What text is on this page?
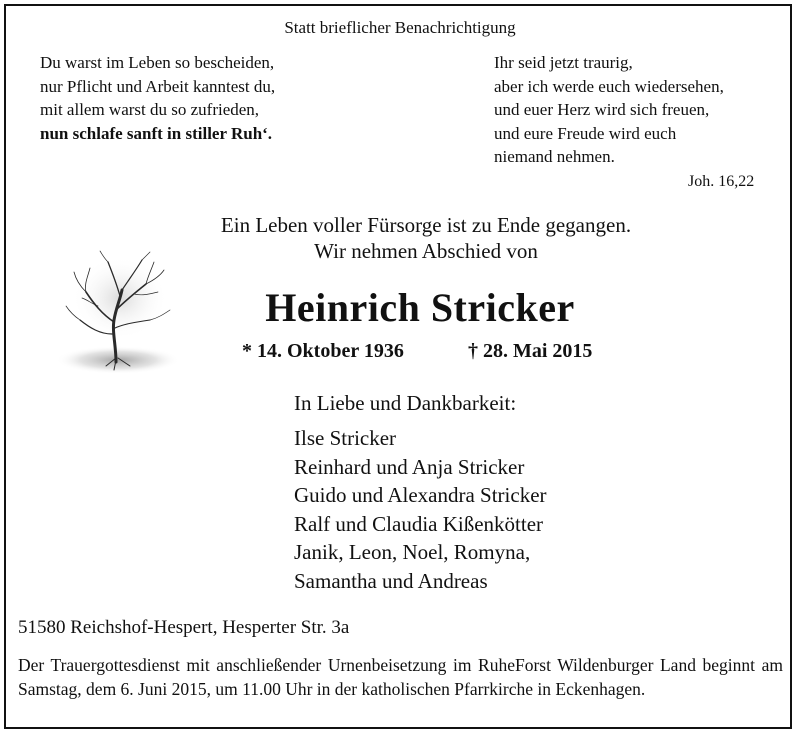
Statt brieflicher Benachrichtigung
Du warst im Leben so bescheiden,
nur Pflicht und Arbeit kanntest du,
mit allem warst du so zufrieden,
nun schlafe sanft in stiller Ruh‘.
Ihr seid jetzt traurig,
aber ich werde euch wiedersehen,
und euer Herz wird sich freuen,
und eure Freude wird euch
niemand nehmen.
Joh. 16,22
Ein Leben voller Fürsorge ist zu Ende gegangen.
Wir nehmen Abschied von
Heinrich Stricker
* 14. Oktober 1936	† 28. Mai 2015
In Liebe und Dankbarkeit:
Ilse Stricker
Reinhard und Anja Stricker
Guido und Alexandra Stricker
Ralf und Claudia Kißenkötter
Janik, Leon, Noel, Romyna,
Samantha und Andreas
51580 Reichshof-Hespert, Hesperter Str. 3a
Der Trauergottesdienst mit anschließender Urnenbeisetzung im RuheForst Wildenburger Land beginnt am Samstag, dem 6. Juni 2015, um 11.00 Uhr in der katholischen Pfarrkirche in Eckenhagen.
